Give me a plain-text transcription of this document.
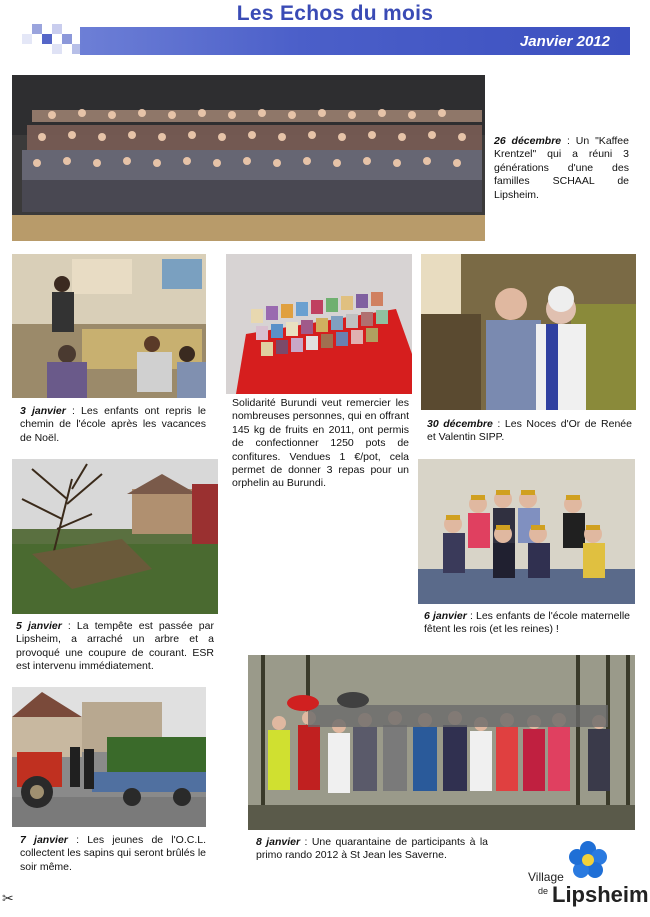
Les Echos du mois
Janvier 2012
26 décembre : Un "Kaffee Krentzel" qui a réuni 3 générations d'une des familles SCHAAL de Lipsheim.
3 janvier : Les enfants ont repris le chemin de l'école après les vacances de Noël.
Solidarité Burundi veut remercier les nombreuses personnes, qui en offrant 145 kg de fruits en 2011, ont permis de confectionner 1250 pots de confitures. Vendues 1 €/pot, cela permet de donner 3 repas pour un orphelin au Burundi.
30 décembre : Les Noces d'Or de Renée et Valentin SIPP.
5 janvier : La tempête est passée par Lipsheim, a arraché un arbre et a provoqué une coupure de courant. ESR est intervenu immédiatement.
6 janvier : Les enfants de l'école maternelle fêtent les rois (et les reines) !
7 janvier : Les jeunes de l'O.C.L. collectent les sapins qui seront brûlés le soir même.
8 janvier : Une quarantaine de participants à la primo rando 2012 à St Jean les Saverne.
Village
de Lipsheim
✂
